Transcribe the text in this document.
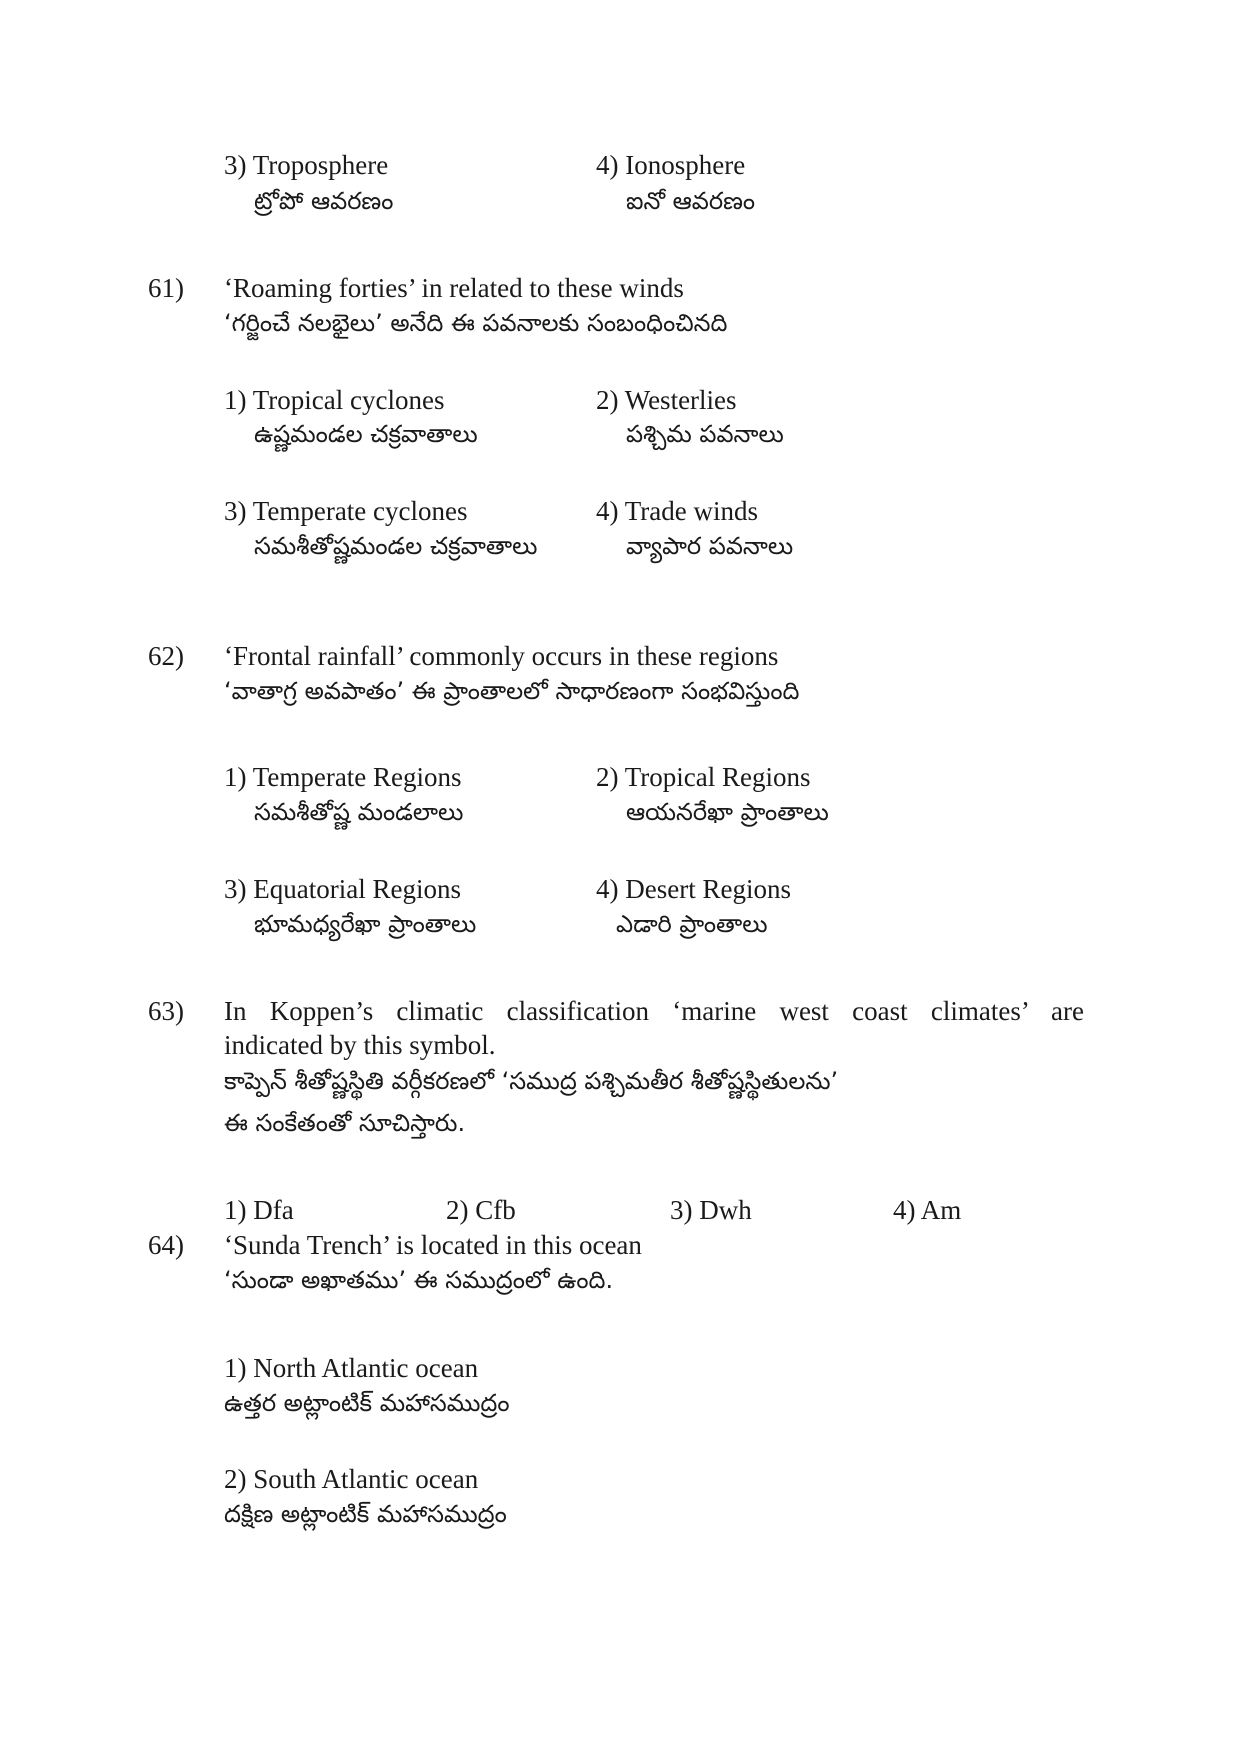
3) Troposphere
ట్రోపో ఆవరణం
4) Ionosphere
ఐనో ఆవరణం
61) ‘Roaming forties’ in related to these winds
‘గర్జించే నలభైలు’ అనేది ఈ పవనాలకు సంబంధించినది
1) Tropical cyclones
ఉష్ణమండల చక్రవాతాలు
2) Westerlies
పశ్చిమ పవనాలు
3) Temperate cyclones
సమశీతోష్ణమండల చక్రవాతాలు
4) Trade winds
వ్యాపార పవనాలు
62) ‘Frontal rainfall’ commonly occurs in these regions
‘వాతాగ్ర అవపాతం’ ఈ ప్రాంతాలలో సాధారణంగా సంభవిస్తుంది
1) Temperate Regions
సమశీతోష్ణ మండలాలు
2) Tropical Regions
ఆయనరేఖా ప్రాంతాలు
3) Equatorial Regions
భూమధ్యరేఖా ప్రాంతాలు
4) Desert Regions
ఎడారి ప్రాంతాలు
63) In Koppen’s climatic classification ‘marine west coast climates’ are
indicated by this symbol.
కాప్పెన్ శీతోష్ణస్థితి వర్గీకరణలో ‘సముద్ర పశ్చిమతీర శీతోష్ణస్థితులను’
ఈ సంకేతంతో సూచిస్తారు.
1) Dfa	2) Cfb	3) Dwh	4) Am
64) ‘Sunda Trench’ is located in this ocean
‘సుండా అఖాతము’ ఈ సముద్రంలో ఉంది.
1) North Atlantic ocean
ఉత్తర అట్లాంటిక్ మహాసముద్రం
2) South Atlantic ocean
దక్షిణ అట్లాంటిక్ మహాసముద్రం
